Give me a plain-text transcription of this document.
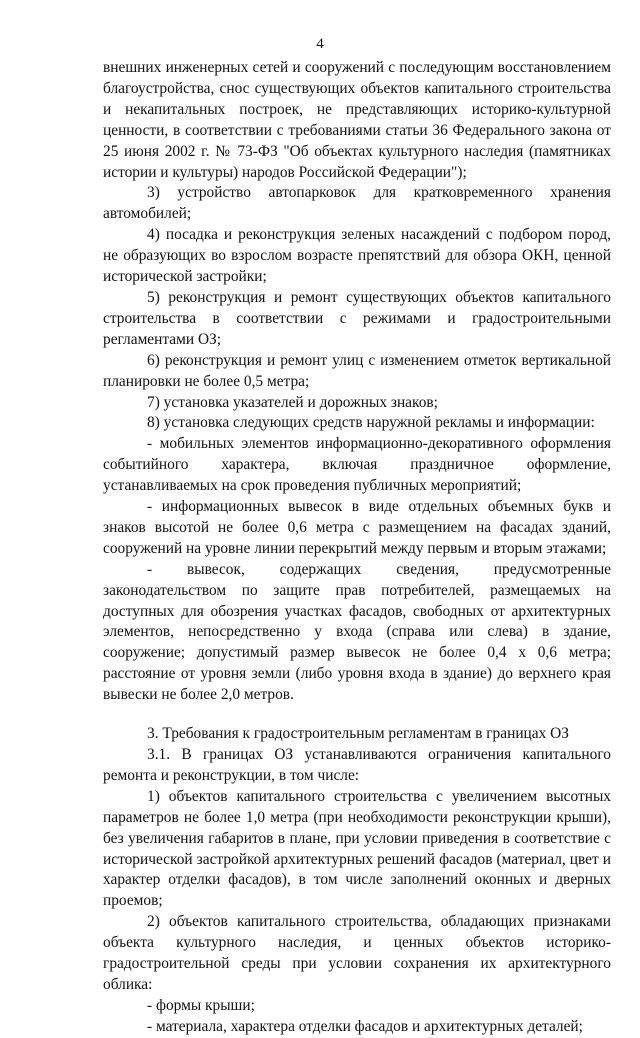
4

внешних инженерных сетей и сооружений с последующим восстановлением благоустройства, снос существующих объектов капитального строительства и некапитальных построек, не представляющих историко-культурной ценности, в соответствии с требованиями статьи 36 Федерального закона от 25 июня 2002 г. № 73-ФЗ "Об объектах культурного наследия (памятниках истории и культуры) народов Российской Федерации");

3) устройство автопарковок для кратковременного хранения автомобилей;

4) посадка и реконструкция зеленых насаждений с подбором пород, не образующих во взрослом возрасте препятствий для обзора ОКН, ценной исторической застройки;

5) реконструкция и ремонт существующих объектов капитального строительства в соответствии с режимами и градостроительными регламентами ОЗ;

6) реконструкция и ремонт улиц с изменением отметок вертикальной планировки не более 0,5 метра;

7) установка указателей и дорожных знаков;

8) установка следующих средств наружной рекламы и информации:

- мобильных элементов информационно-декоративного оформления событийного характера, включая праздничное оформление, устанавливаемых на срок проведения публичных мероприятий;

- информационных вывесок в виде отдельных объемных букв и знаков высотой не более 0,6 метра с размещением на фасадах зданий, сооружений на уровне линии перекрытий между первым и вторым этажами;

- вывесок, содержащих сведения, предусмотренные законодательством по защите прав потребителей, размещаемых на доступных для обозрения участках фасадов, свободных от архитектурных элементов, непосредственно у входа (справа или слева) в здание, сооружение; допустимый размер вывесок не более 0,4 х 0,6 метра; расстояние от уровня земли (либо уровня входа в здание) до верхнего края вывески не более 2,0 метров.

3. Требования к градостроительным регламентам в границах ОЗ

3.1. В границах ОЗ устанавливаются ограничения капитального ремонта и реконструкции, в том числе:

1) объектов капитального строительства с увеличением высотных параметров не более 1,0 метра (при необходимости реконструкции крыши), без увеличения габаритов в плане, при условии приведения в соответствие с исторической застройкой архитектурных решений фасадов (материал, цвет и характер отделки фасадов), в том числе заполнений оконных и дверных проемов;

2) объектов капитального строительства, обладающих признаками объекта культурного наследия, и ценных объектов историко-градостроительной среды при условии сохранения их архитектурного облика:

- формы крыши;

- материала, характера отделки фасадов и архитектурных деталей;
